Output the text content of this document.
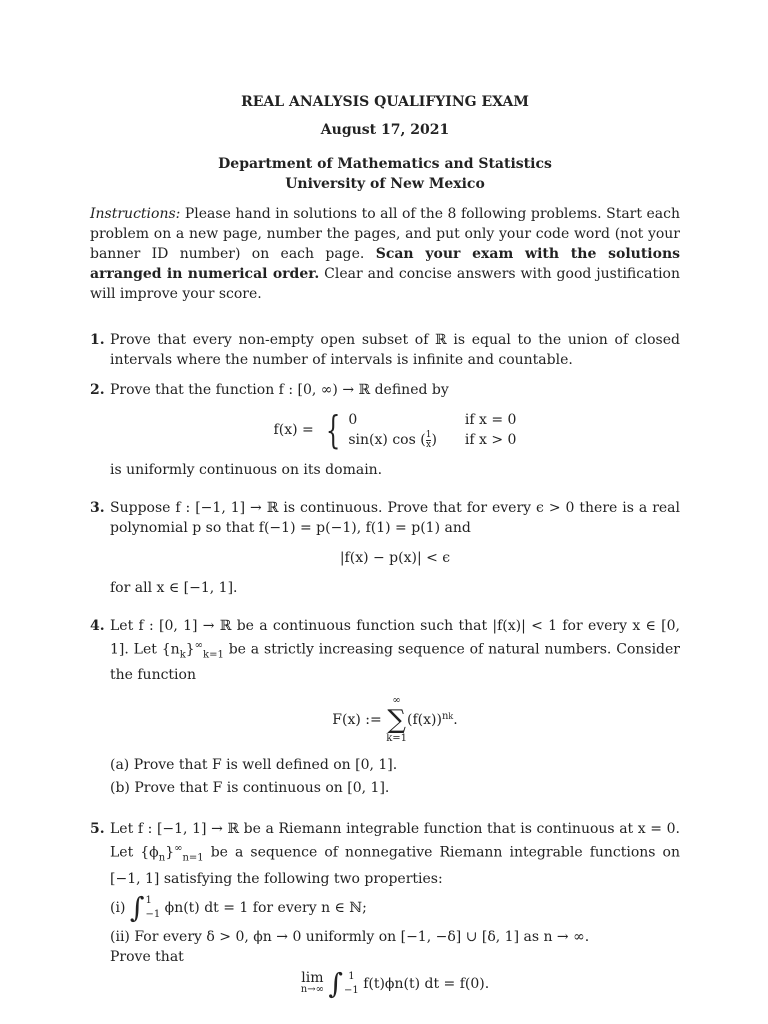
REAL ANALYSIS QUALIFYING EXAM
August 17, 2021
Department of Mathematics and Statistics
University of New Mexico
Instructions: Please hand in solutions to all of the 8 following problems. Start each problem on a new page, number the pages, and put only your code word (not your banner ID number) on each page. Scan your exam with the solutions arranged in numerical order. Clear and concise answers with good justification will improve your score.
1. Prove that every non-empty open subset of ℝ is equal to the union of closed intervals where the number of intervals is infinite and countable.
2. Prove that the function f : [0, ∞) → ℝ defined by
f(x) = { 0	if x = 0
sin(x) cos ( $\frac{1}{x}$ ) if x > 0
is uniformly continuous on its domain.
3. Suppose f : [−1, 1] → ℝ is continuous. Prove that for every ϵ > 0 there is a real polynomial p so that f(−1) = p(−1), f(1) = p(1) and
|f(x) − p(x)| < ϵ
for all x ∈ [−1, 1].
4. Let f : [0, 1] → ℝ be a continuous function such that |f(x)| < 1 for every x ∈ [0, 1]. Let $\{n_k\}^\infty_{k=1}$ be a strictly increasing sequence of natural numbers. Consider the function
F(x) :=
∞
∑
k=1
$(f(x))^{nk}$.
(a) Prove that F is well defined on [0, 1].
(b) Prove that F is continuous on [0, 1].
5. Let f : [−1, 1] → ℝ be a Riemann integrable function that is continuous at x = 0. Let $\{\phi_n\}^\infty_{n=1}$ be a sequence of nonnegative Riemann integrable functions on [−1, 1] satisfying the following two properties:
(i) ∫ 1
−1 ϕn(t) dt = 1 for every n ∈ ℕ;
(ii) For every δ > 0, ϕn → 0 uniformly on [−1, −δ] ∪ [δ, 1] as n → ∞.
Prove that
lim
n→∞
∫ 1
−1 f(t)ϕn(t) dt = f(0).
